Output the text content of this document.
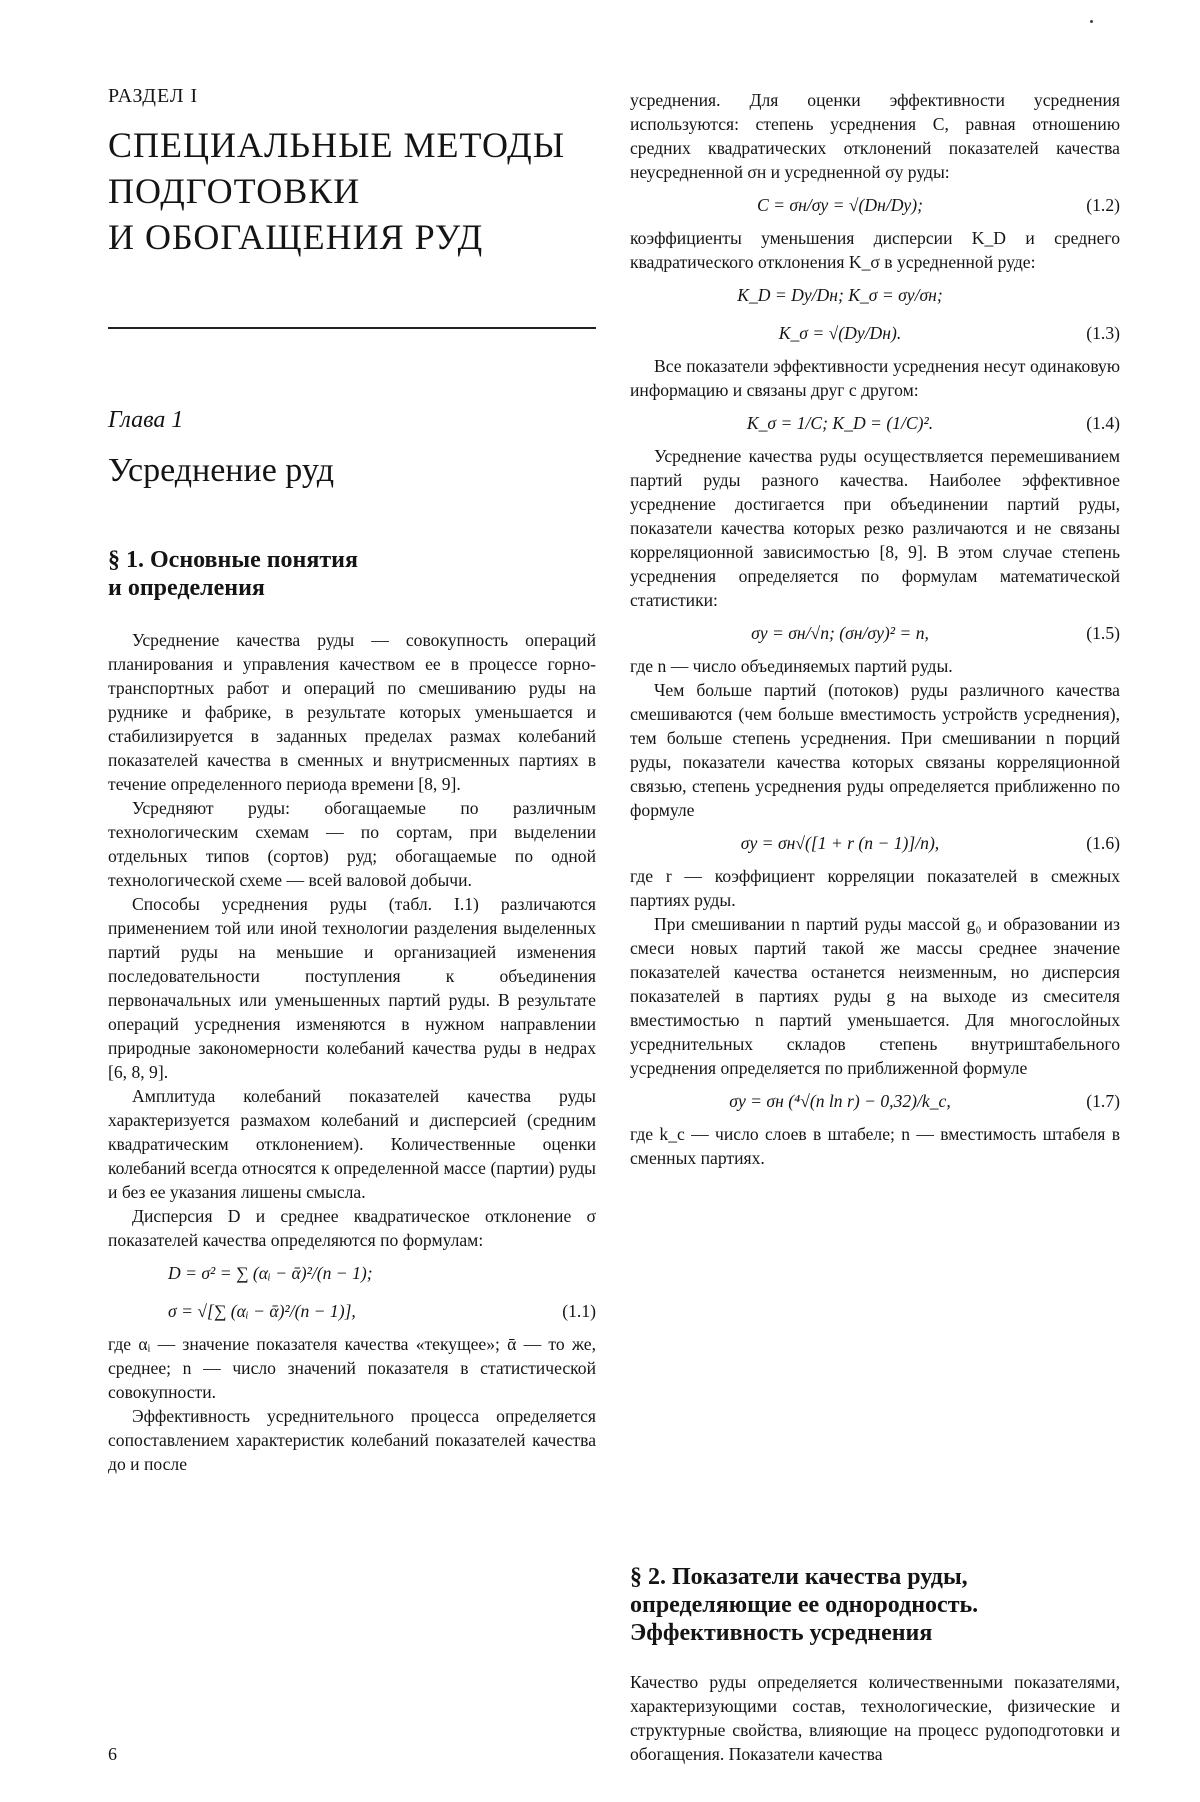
РАЗДЕЛ I

СПЕЦИАЛЬНЫЕ МЕТОДЫ
ПОДГОТОВКИ
И ОБОГАЩЕНИЯ РУД

Глава 1

Усреднение руд
§ 1. Основные понятия
и определения

Усреднение качества руды — совокупность операций планирования и управления качеством ее в процессе горно-транспортных работ и операций по смешиванию руды на руднике и фабрике, в результате которых уменьшается и стабилизируется в заданных пределах размах колебаний показателей качества в сменных и внутрисменных партиях в течение определенного периода времени [8, 9].

Усредняют руды: обогащаемые по различным технологическим схемам — по сортам, при выделении отдельных типов (сортов) руд; обогащаемые по одной технологической схеме — всей валовой добычи.

Способы усреднения руды (табл. I.1) различаются применением той или иной технологии разделения выделенных партий руды на меньшие и организацией изменения последовательности поступления к объединения первоначальных или уменьшенных партий руды. В результате операций усреднения изменяются в нужном направлении природные закономерности колебаний качества руды в недрах [6, 8, 9].

Амплитуда колебаний показателей качества руды характеризуется размахом колебаний и дисперсией (средним квадратическим отклонением). Количественные оценки колебаний всегда относятся к определенной массе (партии) руды и без ее указания лишены смысла.

Дисперсия D и среднее квадратическое отклонение σ показателей качества определяются по формулам:

D = σ² = ∑ (αᵢ − ᾱ)²/(n − 1);
σ = √[∑ (αᵢ − ᾱ)²/(n − 1)],	(1.1)

где αᵢ — значение показателя качества «текущее»; ᾱ — то же, среднее; n — число значений показателя в статистической совокупности.

Эффективность усреднительного процесса определяется сопоставлением характеристик колебаний показателей качества до и после

6

усреднения. Для оценки эффективности усреднения используются: степень усреднения C, равная отношению средних квадратических отклонений показателей качества неусредненной σн и усредненной σу руды:

C = σн/σу = √(Dн/Dу);	(1.2)

коэффициенты уменьшения дисперсии K_D и среднего квадратического отклонения K_σ в усредненной руде:

K_D = Dу/Dн; K_σ = σу/σн;
K_σ = √(Dу/Dн).	(1.3)

Все показатели эффективности усреднения несут одинаковую информацию и связаны друг с другом:

K_σ = 1/C; K_D = (1/C)².	(1.4)

Усреднение качества руды осуществляется перемешиванием партий руды разного качества. Наиболее эффективное усреднение достигается при объединении партий руды, показатели качества которых резко различаются и не связаны корреляционной зависимостью [8, 9]. В этом случае степень усреднения определяется по формулам математической статистики:

σу = σн/√n; (σн/σу)² = n,	(1.5)

где n — число объединяемых партий руды.

Чем больше партий (потоков) руды различного качества смешиваются (чем больше вместимость устройств усреднения), тем больше степень усреднения. При смешивании n порций руды, показатели качества которых связаны корреляционной связью, степень усреднения руды определяется приближенно по формуле

σу = σн√([1 + r (n − 1)]/n),	(1.6)

где r — коэффициент корреляции показателей в смежных партиях руды.

При смешивании n партий руды массой g₀ и образовании из смеси новых партий такой же массы среднее значение показателей качества останется неизменным, но дисперсия показателей в партиях руды g на выходе из смесителя вместимостью n партий уменьшается. Для многослойных усреднительных складов степень внутриштабельного усреднения определяется по приближенной формуле

σу = σн (⁴√(n ln r) − 0,32)/k_c,	(1.7)

где k_c — число слоев в штабеле; n — вместимость штабеля в сменных партиях.

§ 2. Показатели качества руды,
определяющие ее однородность.
Эффективность усреднения

Качество руды определяется количественными показателями, характеризующими состав, технологические, физические и структурные свойства, влияющие на процесс рудоподготовки и обогащения. Показатели качества
